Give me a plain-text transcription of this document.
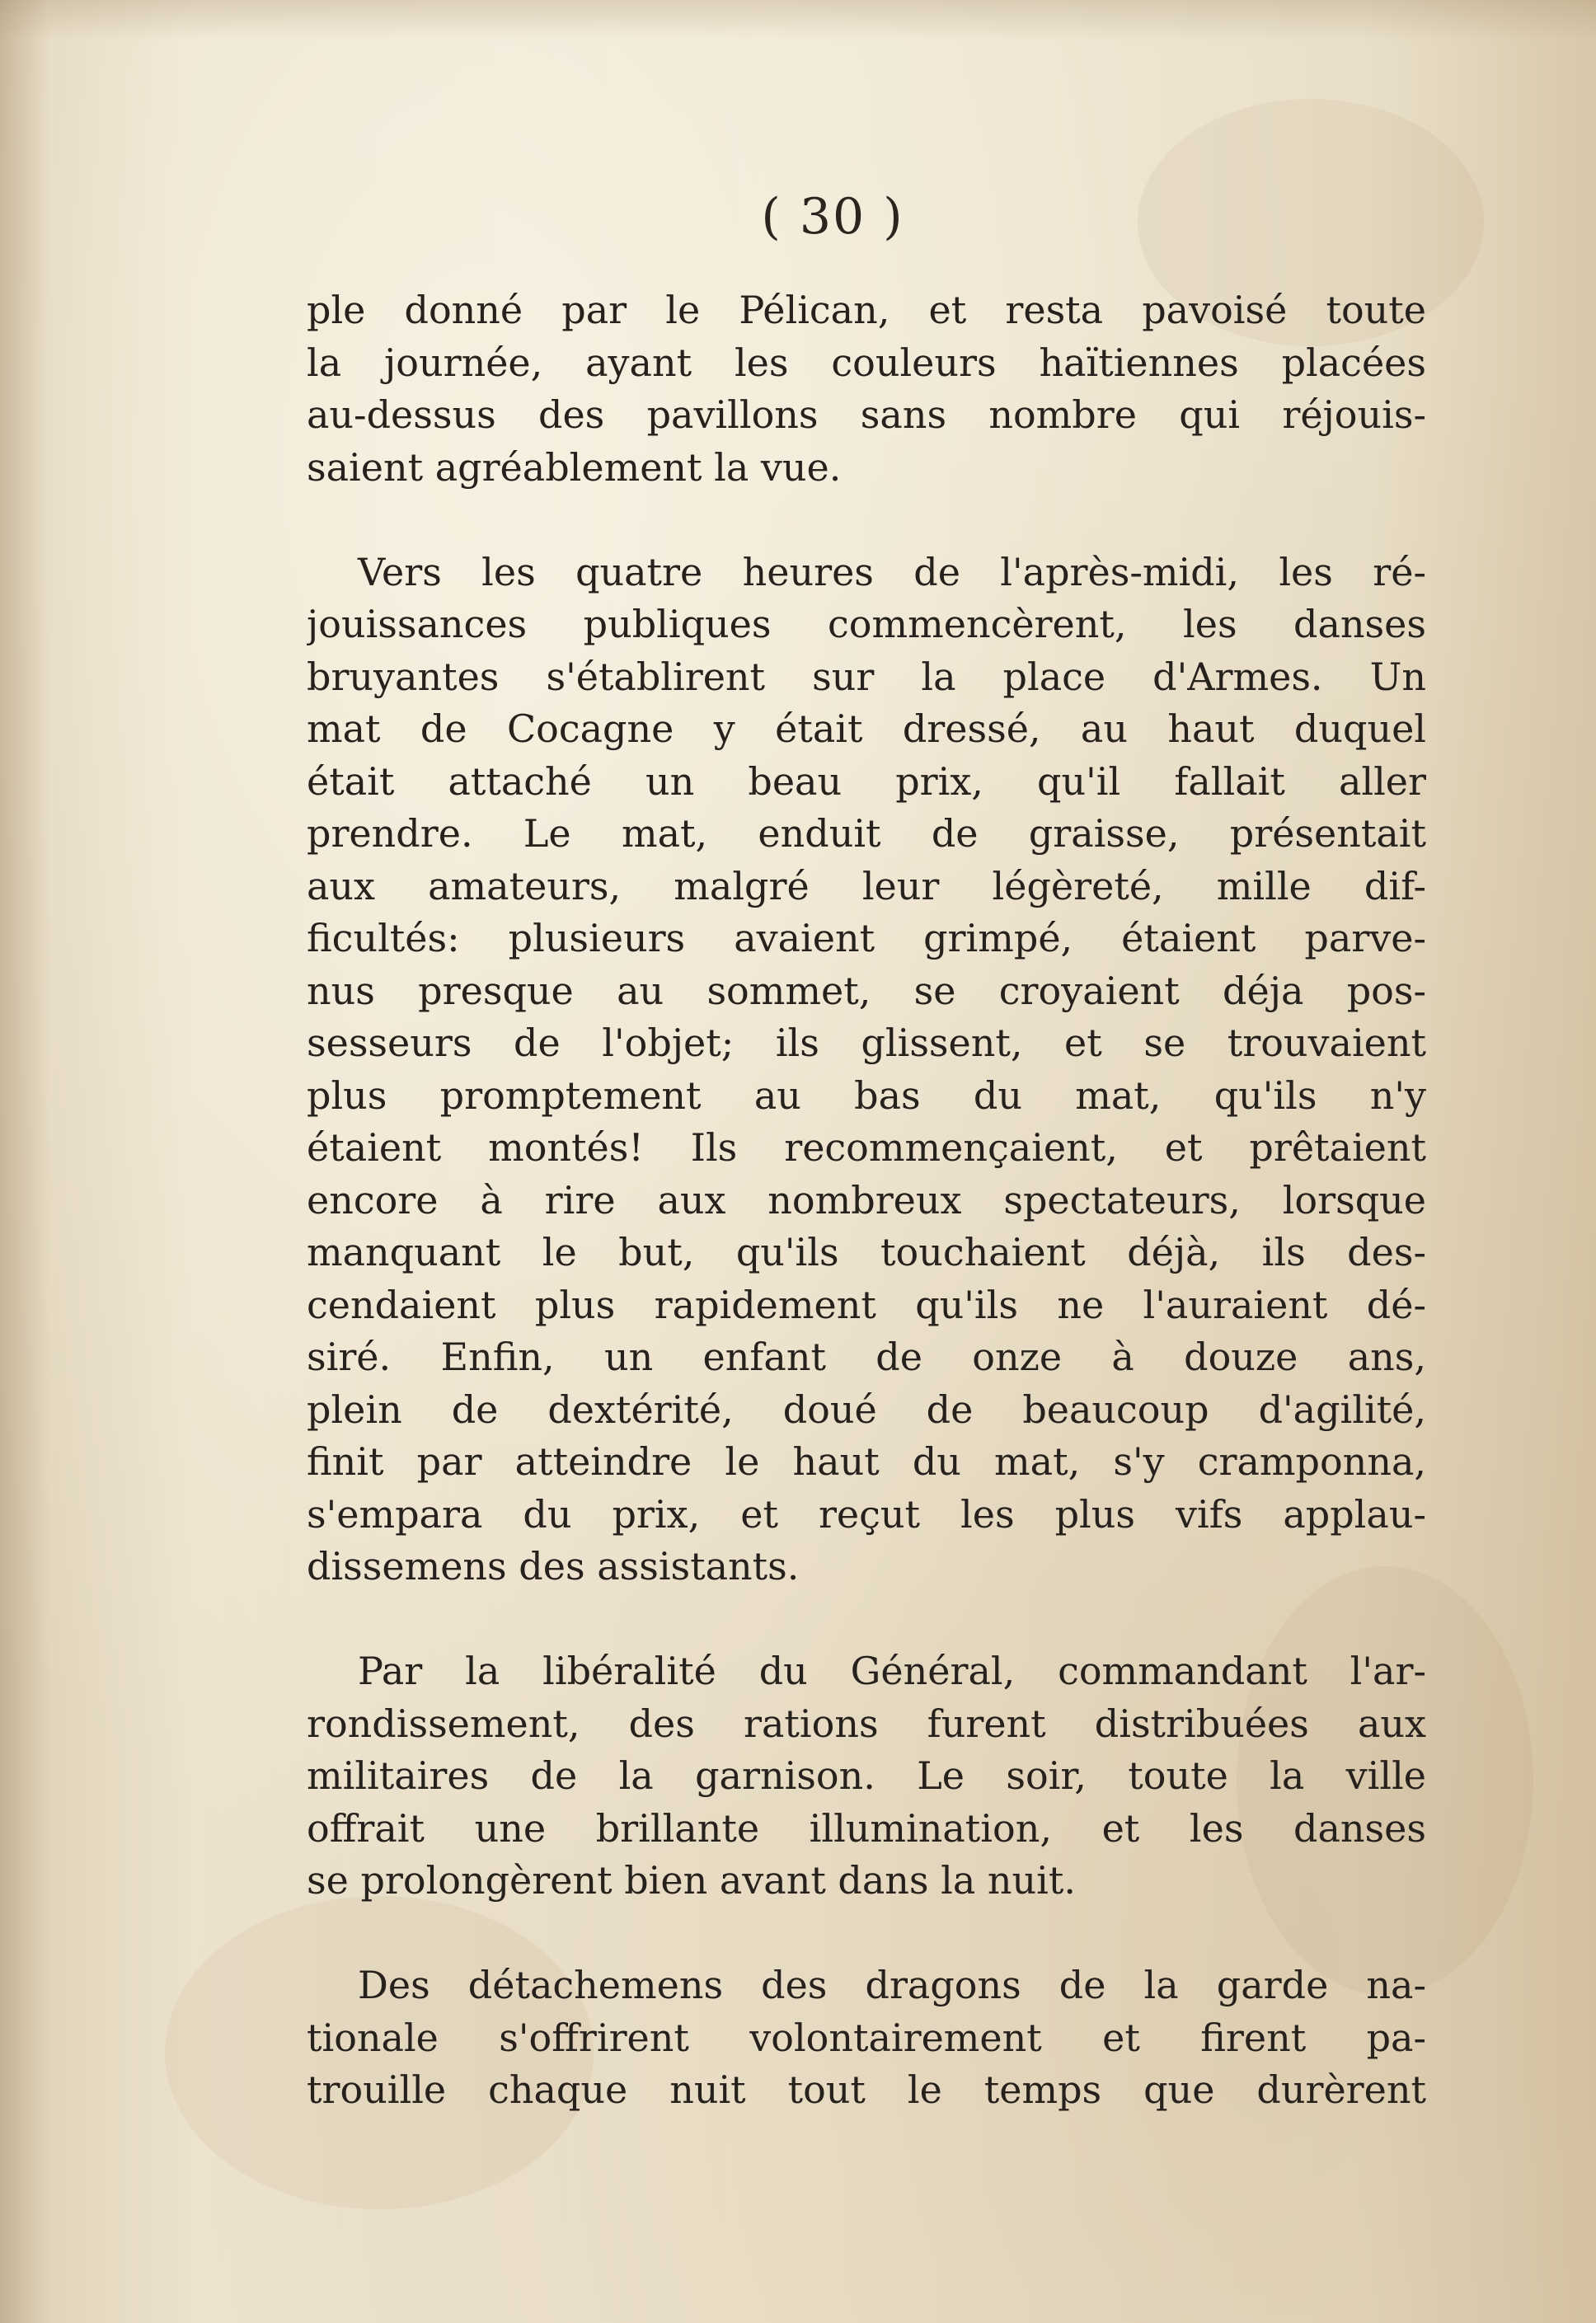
( 30 )
ple donné par le Pélican, et resta pavoisé toute
la journée, ayant les couleurs haïtiennes placées
au-dessus des pavillons sans nombre qui réjouis-
saient agréablement la vue.
Vers les quatre heures de l'après-midi, les ré-
jouissances publiques commencèrent, les danses
bruyantes s'établirent sur la place d'Armes. Un
mat de Cocagne y était dressé, au haut duquel
était attaché un beau prix, qu'il fallait aller
prendre. Le mat, enduit de graisse, présentait
aux amateurs, malgré leur légèreté, mille dif-
ficultés: plusieurs avaient grimpé, étaient parve-
nus presque au sommet, se croyaient déja pos-
sesseurs de l'objet; ils glissent, et se trouvaient
plus promptement au bas du mat, qu'ils n'y
étaient montés! Ils recommençaient, et prêtaient
encore à rire aux nombreux spectateurs, lorsque
manquant le but, qu'ils touchaient déjà, ils des-
cendaient plus rapidement qu'ils ne l'auraient dé-
siré. Enfin, un enfant de onze à douze ans,
plein de dextérité, doué de beaucoup d'agilité,
finit par atteindre le haut du mat, s'y cramponna,
s'empara du prix, et reçut les plus vifs applau-
dissemens des assistants.
Par la libéralité du Général, commandant l'ar-
rondissement, des rations furent distribuées aux
militaires de la garnison. Le soir, toute la ville
offrait une brillante illumination, et les danses
se prolongèrent bien avant dans la nuit.
Des détachemens des dragons de la garde na-
tionale s'offrirent volontairement et firent pa-
trouille chaque nuit tout le temps que durèrent
